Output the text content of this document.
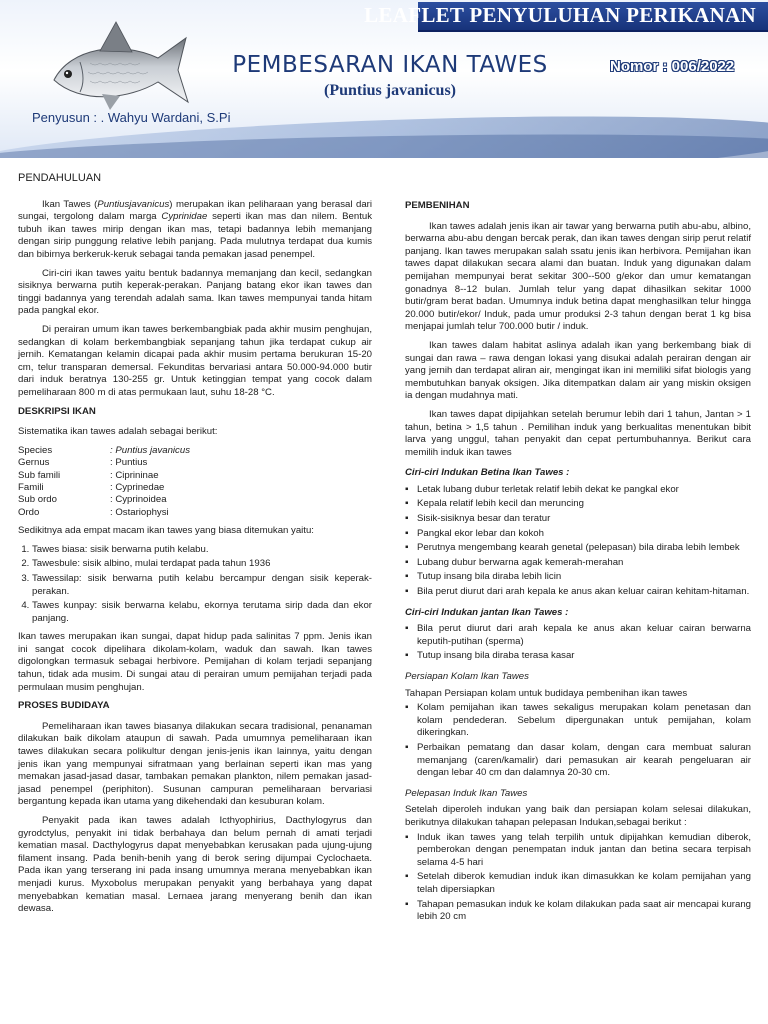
LEAFLET PENYULUHAN PERIKANAN
PEMBESARAN IKAN TAWES
(Puntius javanicus)
Nomor : 006/2022
Penyusun : . Wahyu Wardani, S.Pi
PENDAHULUAN

Ikan Tawes (Puntiusjavanicus) merupakan ikan peliharaan yang berasal dari sungai, tergolong dalam marga Cyprinidae seperti ikan mas dan nilem. Bentuk tubuh ikan tawes mirip dengan ikan mas, tetapi badannya lebih memanjang dengan sirip punggung relative lebih panjang. Pada mulutnya terdapat dua kumis dan bibirnya berkeruk-keruk sebagai tanda pemakan jasad penempel.

Ciri-ciri ikan tawes yaitu bentuk badannya memanjang dan kecil, sedangkan sisiknya berwarna putih keperak-perakan. Panjang batang ekor ikan tawes dan tinggi badannya yang terendah adalah sama. Ikan tawes mempunyai tanda hitam pada pangkal ekor.

Di perairan umum ikan tawes berkembangbiak pada akhir musim penghujan, sedangkan di kolam berkembangbiak sepanjang tahun jika terdapat cukup air jernih. Kematangan kelamin dicapai pada akhir musim pertama berukuran 15-20 cm, telur transparan demersal. Fekunditas bervariasi antara 50.000-94.000 butir dari induk beratnya 130-255 gr. Untuk ketinggian tempat yang cocok dalam pemeliharaan 800 m di atas permukaan laut, suhu 18-28 °C.

DESKRIPSI IKAN

Sistematika ikan tawes adalah sebagai berikut:

Species	: Puntius javanicus
Gernus	: Puntius
Sub famili	: Ciprininae
Famili	: Cyprinedae
Sub ordo	: Cyprinoidea
Ordo	: Ostariophysi

Sedikitnya ada empat macam ikan tawes yang biasa ditemukan yaitu:

1. Tawes biasa: sisik berwarna putih kelabu.
2. Tawesbule: sisik albino, mulai terdapat pada tahun 1936
3. Tawessilap: sisik berwarna putih kelabu bercampur dengan sisik keperak-perakan.
4. Tawes kunpay: sisik berwarna kelabu, ekornya terutama sirip dada dan ekor panjang.

Ikan tawes merupakan ikan sungai, dapat hidup pada salinitas 7 ppm. Jenis ikan ini sangat cocok dipelihara dikolam-kolam, waduk dan sawah. Ikan tawes digolongkan termasuk sebagai herbivore. Pemijahan di kolam terjadi sepanjang tahun, tidak ada musim. Di sungai atau di perairan umum pemijahan terjadi pada permulaan musim penghujan.

PROSES BUDIDAYA

Pemeliharaan ikan tawes biasanya dilakukan secara tradisional, penanaman dilakukan baik dikolam ataupun di sawah. Pada umumnya pemeliharaan ikan tawes dilakukan secara polikultur dengan jenis-jenis ikan lainnya, yaitu dengan jenis ikan yang mempunyai sifratmaan yang berlainan seperti ikan mas yang memakan jasad-jasad dasar, tambakan pemakan plankton, nilem pemakan jasad-jasad penempel (periphiton). Susunan campuran pemeliharaan bervariasi bergantung kepada ikan utama yang dikehendaki dan kesuburan kolam.

Penyakit pada ikan tawes adalah Icthyophirius, Dacthylogyrus dan gyrodctylus, penyakit ini tidak berbahaya dan belum pernah di amati terjadi kematian masal. Dacthylogyrus dapat menyebabkan kerusakan pada ujung-ujung filament insang. Pada benih-benih yang di berok sering dijumpai Cyclochaeta. Pada ikan yang terserang ini pada insang umumnya merana menyebabkan ikan menjadi kurus. Myxobolus merupakan penyakit yang berbahaya yang dapat menyebabkan kematian masal. Lernaea jarang menyerang benih dan ikan dewasa.

PEMBENIHAN

Ikan tawes adalah jenis ikan air tawar yang berwarna putih abu-abu, albino, berwarna abu-abu dengan bercak perak, dan ikan tawes dengan sirip perut relatif panjang. Ikan tawes merupakan salah ssatu jenis ikan herbivora. Pemijahan ikan tawes dapat dilakukan secara alami dan buatan. Induk yang digunakan dalam pemijahan mempunyai berat sekitar 300--500 g/ekor dan umur kematangan gonadnya 8--12 bulan. Jumlah telur yang dapat dihasilkan sekitar 1000 butir/gram berat badan. Umumnya induk betina dapat menghasilkan telur hingga 20.000 butir/ekor/ Induk, pada umur produksi 2-3 tahun dengan berat 1 kg bisa menjapai jumlah telur 700.000 butir / induk.

Ikan tawes dalam habitat aslinya adalah ikan yang berkembang biak di sungai dan rawa – rawa dengan lokasi yang disukai adalah perairan dengan air yang jernih dan terdapat aliran air, mengingat ikan ini memiliki sifat biologis yang membutuhkan banyak oksigen. Jika ditempatkan dalam air yang miskin oksigen ia dengan mudahnya mati.

Ikan tawes dapat dipijahkan setelah berumur lebih dari 1 tahun, Jantan > 1 tahun, betina > 1,5 tahun . Pemilihan induk yang berkualitas menentukan bibit larva yang unggul, tahan penyakit dan cepat pertumbuhannya. Berikut cara memilih induk ikan tawes

Ciri-ciri Indukan Betina Ikan Tawes :
▪ Letak lubang dubur terletak relatif lebih dekat ke pangkal ekor
▪ Kepala relatif lebih kecil dan meruncing
▪ Sisik-sisiknya besar dan teratur
▪ Pangkal ekor lebar dan kokoh
▪ Perutnya mengembang kearah genetal (pelepasan) bila diraba lebih lembek
▪ Lubang dubur berwarna agak kemerah-merahan
▪ Tutup insang bila diraba lebih licin
▪ Bila perut diurut dari arah kepala ke anus akan keluar cairan kehitam-hitaman.
Ciri-ciri Indukan jantan Ikan Tawes :
▪ Bila perut diurut dari arah kepala ke anus akan keluar cairan berwarna keputih-putihan (sperma)
▪ Tutup insang bila diraba terasa kasar
Persiapan Kolam Ikan Tawes

Tahapan Persiapan kolam untuk budidaya pembenihan ikan tawes

▪ Kolam pemijahan ikan tawes sekaligus merupakan kolam penetasan dan kolam pendederan. Sebelum dipergunakan untuk pemijahan, kolam dikeringkan.
▪ Perbaikan pematang dan dasar kolam, dengan cara membuat saluran memanjang (caren/kamalir) dari pemasukan air kearah pengeluaran air dengan lebar 40 cm dan dalamnya 20-30 cm.
Pelepasan Induk Ikan Tawes

Setelah diperoleh indukan yang baik dan persiapan kolam selesai dilakukan, berikutnya dilakukan tahapan pelepasan Indukan,sebagai berikut :

▪ Induk ikan tawes yang telah terpilih untuk dipijahkan kemudian diberok, pemberokan dengan penempatan induk jantan dan betina secara terpisah selama 4-5 hari
▪ Setelah diberok kemudian induk ikan dimasukkan ke kolam pemijahan yang telah dipersiapkan
▪ Tahapan pemasukan induk ke kolam dilakukan pada saat air mencapai kurang lebih 20 cm
